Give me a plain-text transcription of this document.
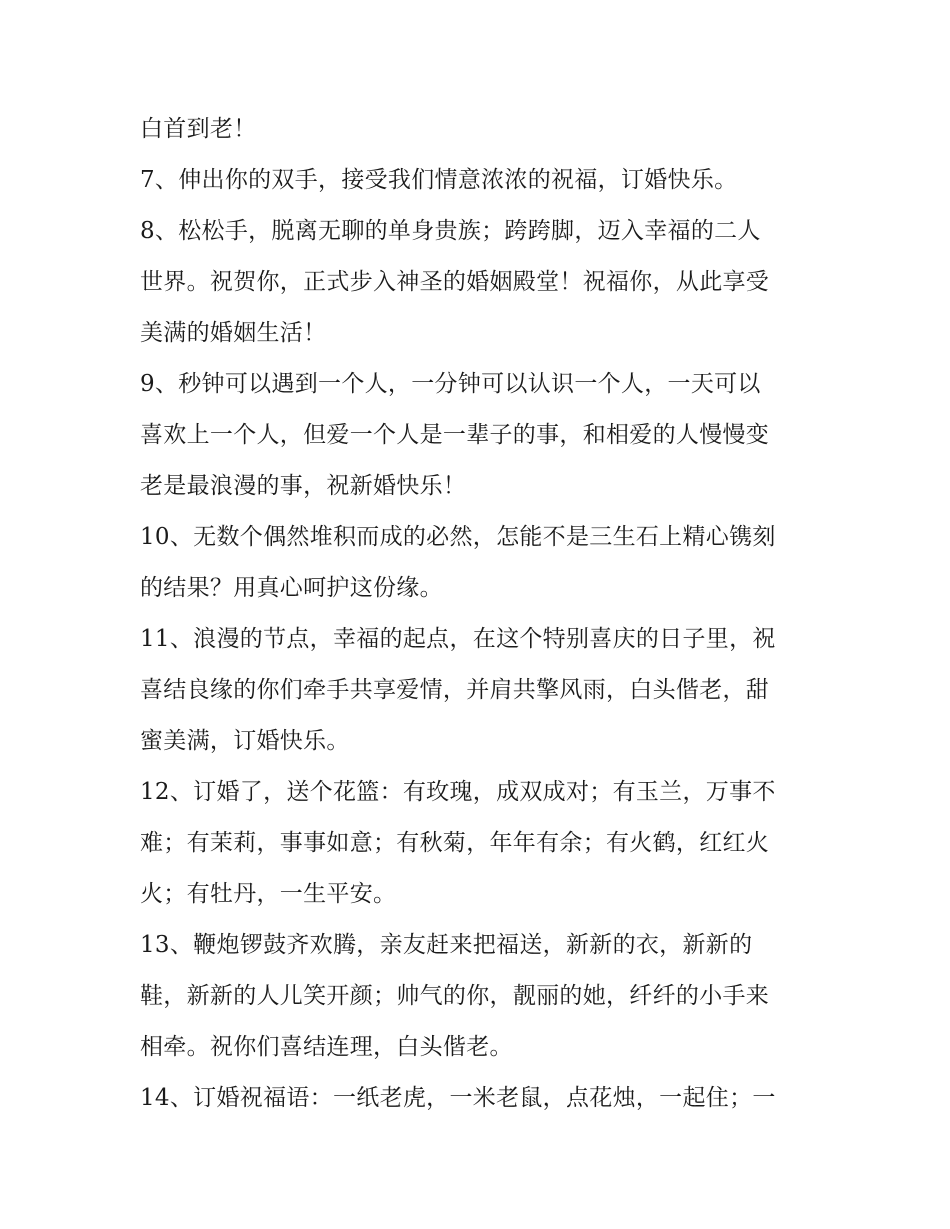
白首到老！
7、伸出你的双手，接受我们情意浓浓的祝福，订婚快乐。
8、松松手，脱离无聊的单身贵族；跨跨脚，迈入幸福的二人
世界。祝贺你，正式步入神圣的婚姻殿堂！祝福你，从此享受
美满的婚姻生活！
9、秒钟可以遇到一个人，一分钟可以认识一个人，一天可以
喜欢上一个人，但爱一个人是一辈子的事，和相爱的人慢慢变
老是最浪漫的事，祝新婚快乐！
10、无数个偶然堆积而成的必然，怎能不是三生石上精心镌刻
的结果？用真心呵护这份缘。
11、浪漫的节点，幸福的起点，在这个特别喜庆的日子里，祝
喜结良缘的你们牵手共享爱情，并肩共擎风雨，白头偕老，甜
蜜美满，订婚快乐。
12、订婚了，送个花篮：有玫瑰，成双成对；有玉兰，万事不
难；有茉莉，事事如意；有秋菊，年年有余；有火鹤，红红火
火；有牡丹，一生平安。
13、鞭炮锣鼓齐欢腾，亲友赶来把福送，新新的衣，新新的
鞋，新新的人儿笑开颜；帅气的你，靓丽的她，纤纤的小手来
相牵。祝你们喜结连理，白头偕老。
14、订婚祝福语：一纸老虎，一米老鼠，点花烛，一起住；一
